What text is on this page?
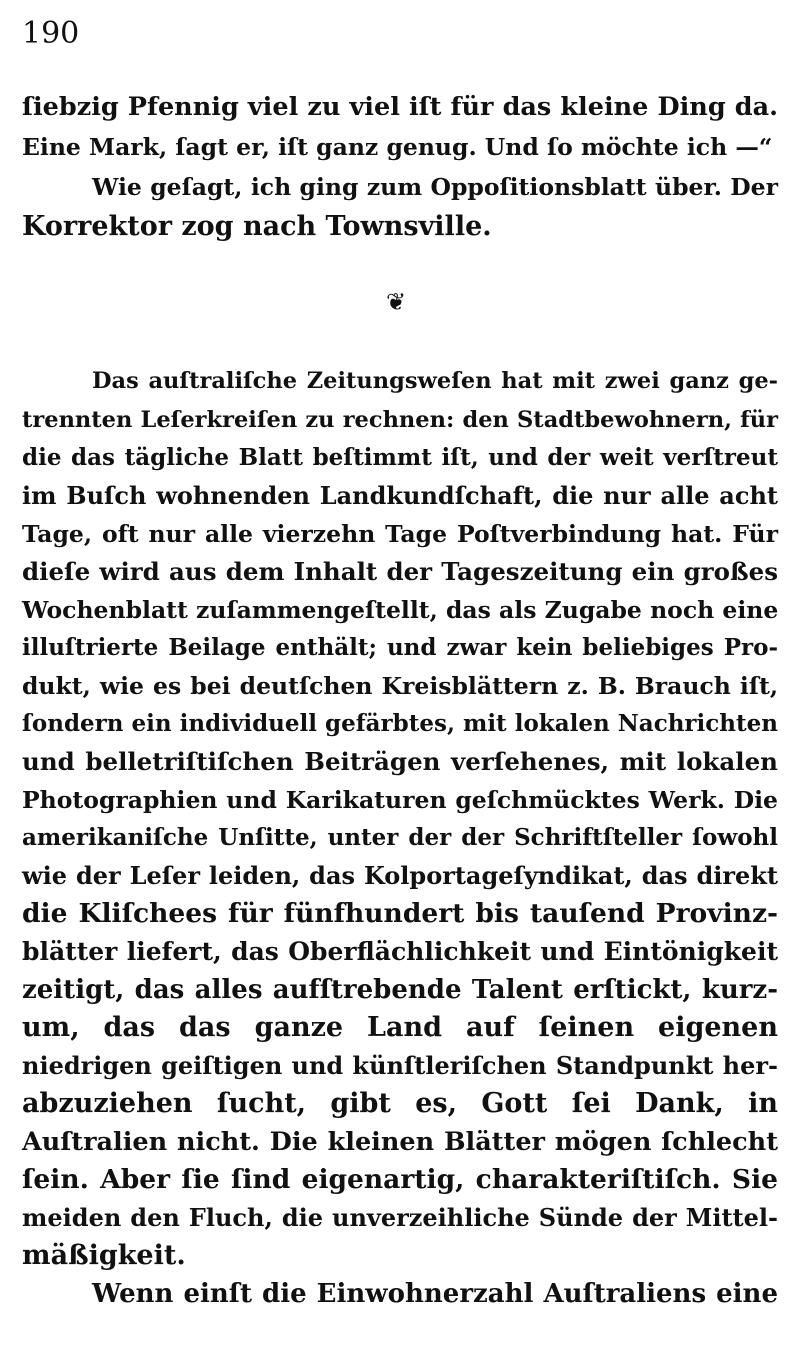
190
ſiebzig Pfennig viel zu viel iſt für das kleine Ding da.
Eine Mark, ſagt er, iſt ganz genug. Und ſo möchte ich —“
Wie geſagt, ich ging zum Oppoſitionsblatt über. Der
Korrektor zog nach Townsville.
❦
Das auſtraliſche Zeitungsweſen hat mit zwei ganz ge-
trennten Leſerkreiſen zu rechnen: den Stadtbewohnern, für
die das tägliche Blatt beſtimmt iſt, und der weit verſtreut
im Buſch wohnenden Landkundſchaft, die nur alle acht
Tage, oft nur alle vierzehn Tage Poſtverbindung hat. Für
dieſe wird aus dem Inhalt der Tageszeitung ein großes
Wochenblatt zuſammengeſtellt, das als Zugabe noch eine
illuſtrierte Beilage enthält; und zwar kein beliebiges Pro-
dukt, wie es bei deutſchen Kreisblättern z. B. Brauch iſt,
ſondern ein individuell gefärbtes, mit lokalen Nachrichten
und belletriſtiſchen Beiträgen verſehenes, mit lokalen
Photographien und Karikaturen geſchmücktes Werk. Die
amerikaniſche Unſitte, unter der der Schriftſteller ſowohl
wie der Leſer leiden, das Kolportageſyndikat, das direkt
die Kliſchees für fünfhundert bis tauſend Provinz-
blätter liefert, das Oberflächlichkeit und Eintönigkeit
zeitigt, das alles aufſtrebende Talent erſtickt, kurz-
um, das das ganze Land auf ſeinen eigenen
niedrigen geiſtigen und künſtleriſchen Standpunkt her-
abzuziehen ſucht, gibt es, Gott ſei Dank, in
Auſtralien nicht. Die kleinen Blätter mögen ſchlecht
ſein. Aber ſie ſind eigenartig, charakteriſtiſch. Sie
meiden den Fluch, die unverzeihliche Sünde der Mittel-
mäßigkeit.
Wenn einſt die Einwohnerzahl Auſtraliens eine
